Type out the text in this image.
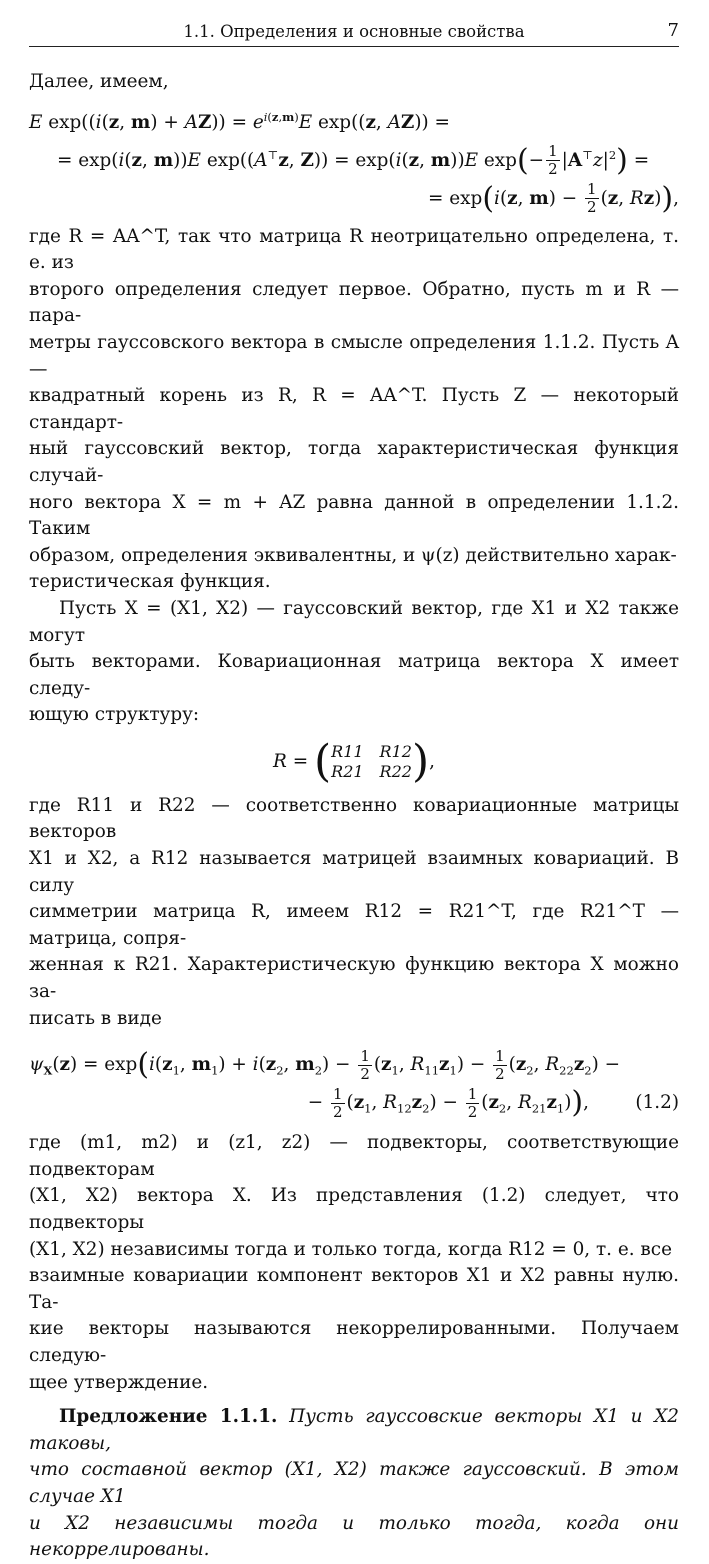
1.1. Определения и основные свойства	7

Далее, имеем,

E exp((i(z, $m) + AZ)) = e^{i(z,m)}E$ exp((z, AZ)) =
= exp(i(z, m))E exp((A⊤z, Z)) = exp(i(z, m))E $\exp(- \frac{1}{2} |A^⊤z|^2)$ =
= exp(i(z, $m) - \frac{1}{2} (z$, Rz)),

где R = AA^T, так что матрица R неотрицательно определена, т. е. из

второго определения следует первое. Обратно, пусть m и R — пара-

метры гауссовского вектора в смысле определения 1.1.2. Пусть A —

квадратный корень из R, R = AA^T. Пусть Z — некоторый стандарт-

ный гауссовский вектор, тогда характеристическая функция случай-

ного вектора X = m + AZ равна данной в определении 1.1.2. Таким

образом, определения эквивалентны, и ψ(z) действительно харак-

теристическая функция.

Пусть X = (X1, X2) — гауссовский вектор, где X1 и X2 также могут

быть векторами. Ковариационная матрица вектора X имеет следу-

ющую структуру:

R = ( R11 R12
R21 R22 ),

где R11 и R22 — соответственно ковариационные матрицы векторов

X1 и X2, а R12 называется матрицей взаимных ковариаций. В силу

симметрии матрица R, имеем R12 = R21^T, где R21^T — матрица, сопря-

женная к R21. Характеристическую функцию вектора X можно за-

писать в виде

$\psi_X(z) = \exp(i(z_1$, $m_1) + i(z_2$, $m_2) - \frac{1}{2} (z_1$, $R_{11}z_1) - \frac{1}{2} (z_2$, $R_{22}z_2$) −
− $\frac{1}{2} (z_1$, $R_{12}z_2) - \frac{1}{2} (z_2$, $R_{21}z_1$)),	(1.2)

где (m1, m2) и (z1, z2) — подвекторы, соответствующие подвекторам

(X1, X2) вектора X. Из представления (1.2) следует, что подвекторы

(X1, X2) независимы тогда и только тогда, когда R12 = 0, т. е. все

взаимные ковариации компонент векторов X1 и X2 равны нулю. Та-

кие векторы называются некоррелированными. Получаем следую-

щее утверждение.

Предложение 1.1.1. Пусть гауссовские векторы X1 и X2 таковы,

что составной вектор (X1, X2) также гауссовский. В этом случае X1

и X2 независимы тогда и только тогда, когда они некоррелированы.
